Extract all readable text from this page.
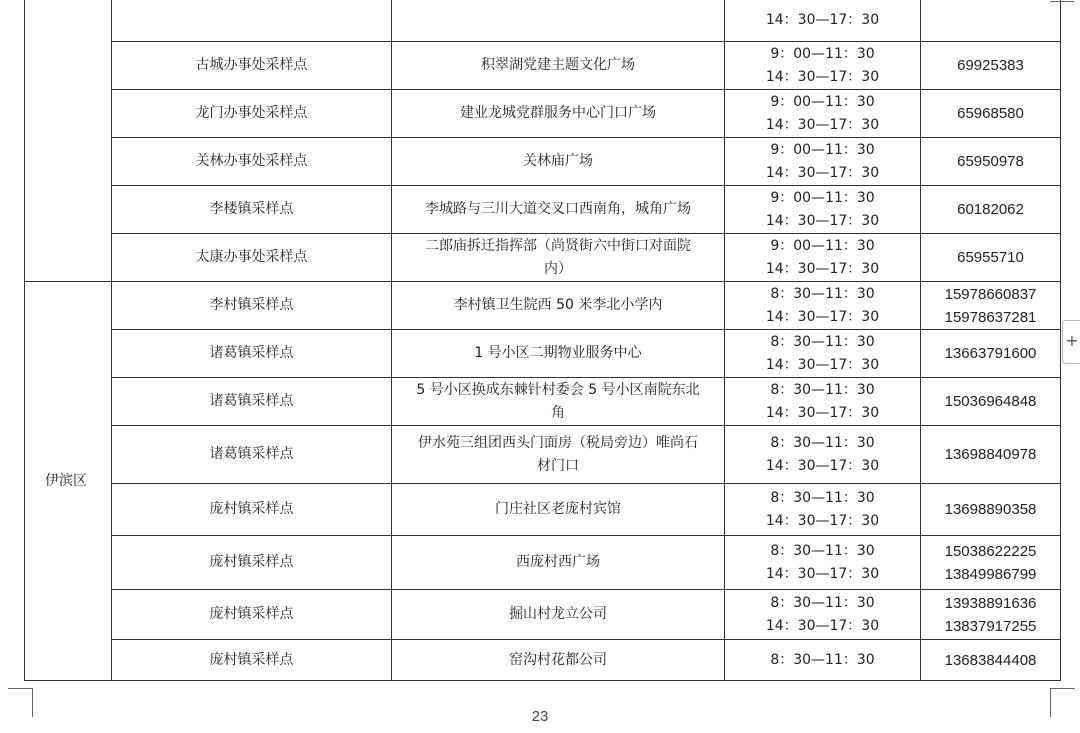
			14：30—17：30	

	古城办事处采样点	积翠湖党建主题文化广场	9：00—11：30
14：30—17：30	69925383

	龙门办事处采样点	建业龙城党群服务中心门口广场	9：00—11：30
14：30—17：30	65968580

	关林办事处采样点	关林庙广场	9：00—11：30
14：30—17：30	65950978

	李楼镇采样点	李城路与三川大道交叉口西南角，城角广场	9：00—11：30
14：30—17：30	60182062

	太康办事处采样点	二郎庙拆迁指挥部（尚贤街六中街口对面院
内）	9：00—11：30
14：30—17：30	65955710

伊滨区	李村镇采样点	李村镇卫生院西 50 米李北小学内	8：30—11：30
14：30—17：30	15978660837
15978637281

	诸葛镇采样点	1 号小区二期物业服务中心	8：30—11：30
14：30—17：30	13663791600

	诸葛镇采样点	5 号小区换成东棘针村委会 5 号小区南院东北
角	8：30—11：30
14：30—17：30	15036964848

	诸葛镇采样点	伊水苑三组团西头门面房（税局旁边）唯尚石
材门口	8：30—11：30
14：30—17：30	13698840978

	庞村镇采样点	门庄社区老庞村宾馆	8：30—11：30
14：30—17：30	13698890358

	庞村镇采样点	西庞村西广场	8：30—11：30
14：30—17：30	15038622225
13849986799

	庞村镇采样点	掘山村龙立公司	8：30—11：30
14：30—17：30	13938891636
13837917255

	庞村镇采样点	窑沟村花都公司	8：30—11：30	13683844408
+
23
